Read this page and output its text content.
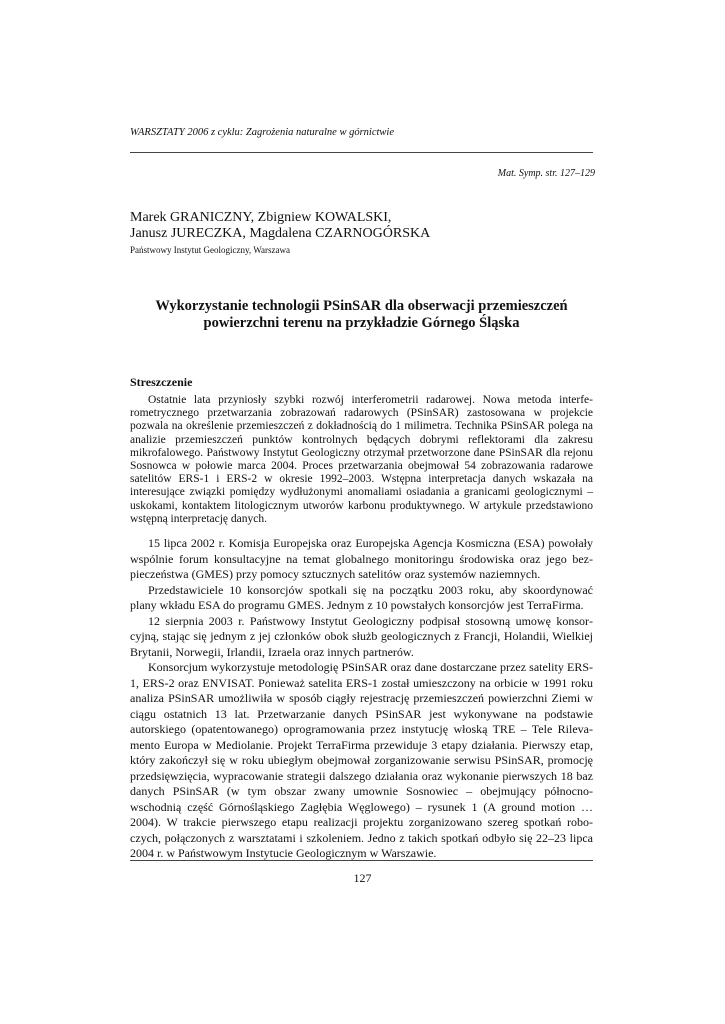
WARSZTATY 2006 z cyklu: Zagrożenia naturalne w górnictwie
Mat. Symp. str. 127–129
Marek GRANICZNY, Zbigniew KOWALSKI,
Janusz JURECZKA, Magdalena CZARNOGÓRSKA
Państwowy Instytut Geologiczny, Warszawa
Wykorzystanie technologii PSinSAR dla obserwacji przemieszczeń
powierzchni terenu na przykładzie Górnego Śląska
Streszczenie

Ostatnie lata przyniosły szybki rozwój interferometrii radarowej. Nowa metoda interferometrycznego przetwarzania zobrazowań radarowych (PSinSAR) zastosowana w projekcie pozwala na określenie przemieszczeń z dokładnością do 1 milimetra. Technika PSinSAR polega na analizie przemieszczeń punktów kontrolnych będących dobrymi reflektorami dla zakresu mikrofalowego. Państwowy Instytut Geologiczny otrzymał przetworzone dane PSinSAR dla rejonu Sosnowca w połowie marca 2004. Proces przetwarzania obejmował 54 zobrazowania radarowe satelitów ERS-1 i ERS-2 w okresie 1992–2003. Wstępna interpretacja danych wskazała na interesujące związki pomiędzy wydłużonymi anomaliami osiadania a granicami geologicznymi – uskokami, kontaktem litologicznym utworów karbonu produktywnego. W artykule przedstawiono wstępną interpretację danych.

15 lipca 2002 r. Komisja Europejska oraz Europejska Agencja Kosmiczna (ESA) powołały wspólnie forum konsultacyjne na temat globalnego monitoringu środowiska oraz jego bezpieczeństwa (GMES) przy pomocy sztucznych satelitów oraz systemów naziemnych.

Przedstawiciele 10 konsorcjów spotkali się na początku 2003 roku, aby skoordynować plany wkładu ESA do programu GMES. Jednym z 10 powstałych konsorcjów jest TerraFirma.

12 sierpnia 2003 r. Państwowy Instytut Geologiczny podpisał stosowną umowę konsorcyjną, stając się jednym z jej członków obok służb geologicznych z Francji, Holandii, Wielkiej Brytanii, Norwegii, Irlandii, Izraela oraz innych partnerów.

Konsorcjum wykorzystuje metodologię PSinSAR oraz dane dostarczane przez satelity ERS-1, ERS-2 oraz ENVISAT. Ponieważ satelita ERS-1 został umieszczony na orbicie w 1991 roku analiza PSinSAR umożliwiła w sposób ciągły rejestrację przemieszczeń powierzchni Ziemi w ciągu ostatnich 13 lat. Przetwarzanie danych PSinSAR jest wykonywane na podstawie autorskiego (opatentowanego) oprogramowania przez instytucję włoską TRE – Tele Rilevamento Europa w Mediolanie. Projekt TerraFirma przewiduje 3 etapy działania. Pierwszy etap, który zakończył się w roku ubiegłym obejmował zorganizowanie serwisu PSinSAR, promocję przedsięwzięcia, wypracowanie strategii dalszego działania oraz wykonanie pierwszych 18 baz danych PSinSAR (w tym obszar zwany umownie Sosnowiec – obejmujący północno-wschodnią część Górnośląskiego Zagłębia Węglowego) – rysunek 1 (A ground motion … 2004). W trakcie pierwszego etapu realizacji projektu zorganizowano szereg spotkań roboczych, połączonych z warsztatami i szkoleniem. Jedno z takich spotkań odbyło się 22–23 lipca 2004 r. w Państwowym Instytucie Geologicznym w Warszawie.

127
